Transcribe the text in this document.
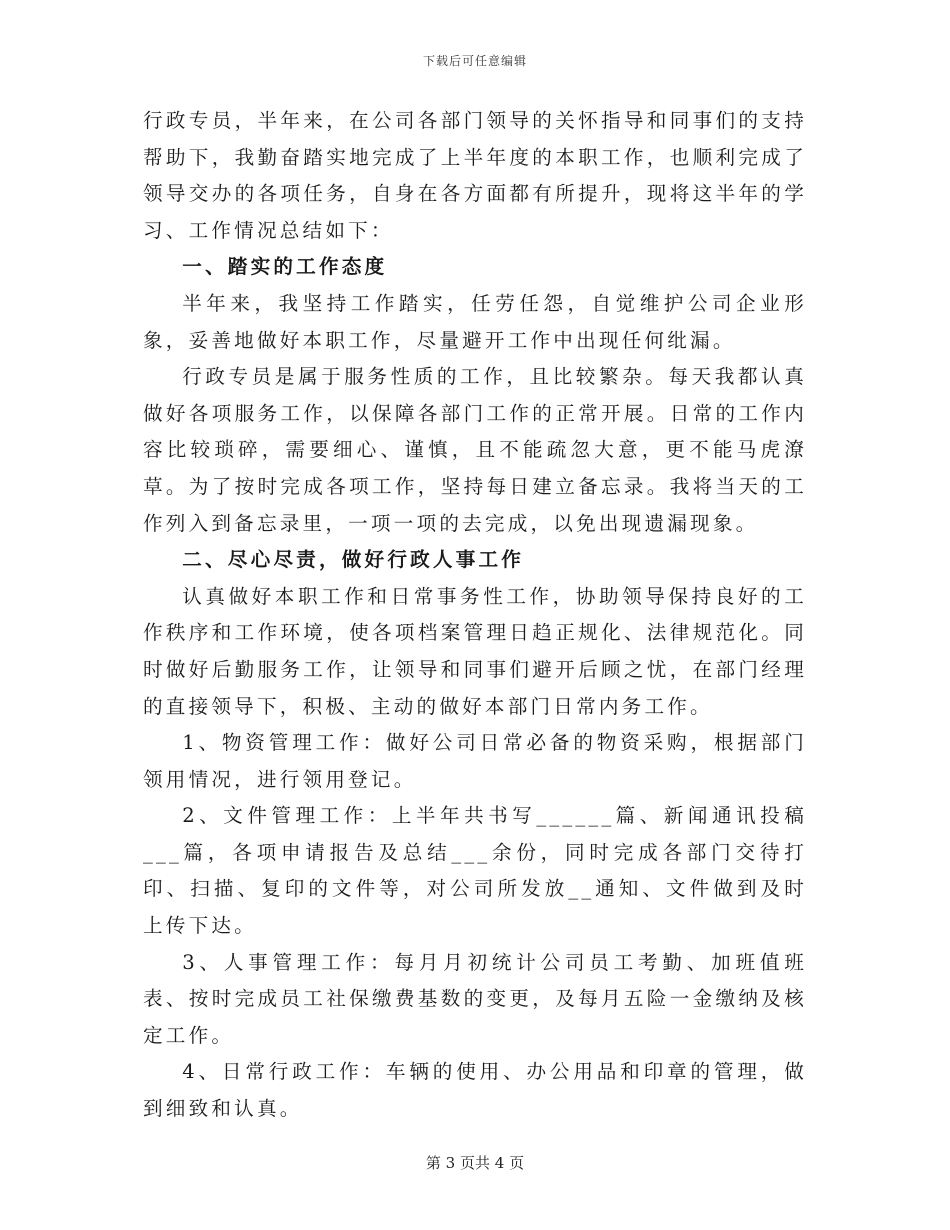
下载后可任意编辑

行政专员，半年来，在公司各部门领导的关怀指导和同事们的支持帮助下，我勤奋踏实地完成了上半年度的本职工作，也顺利完成了领导交办的各项任务，自身在各方面都有所提升，现将这半年的学习、工作情况总结如下：

一、踏实的工作态度

半年来，我坚持工作踏实，任劳任怨，自觉维护公司企业形象，妥善地做好本职工作，尽量避开工作中出现任何纰漏。

行政专员是属于服务性质的工作，且比较繁杂。每天我都认真做好各项服务工作，以保障各部门工作的正常开展。日常的工作内容比较琐碎，需要细心、谨慎，且不能疏忽大意，更不能马虎潦草。为了按时完成各项工作，坚持每日建立备忘录。我将当天的工作列入到备忘录里，一项一项的去完成，以免出现遗漏现象。

二、尽心尽责，做好行政人事工作

认真做好本职工作和日常事务性工作，协助领导保持良好的工作秩序和工作环境，使各项档案管理日趋正规化、法律规范化。同时做好后勤服务工作，让领导和同事们避开后顾之忧，在部门经理的直接领导下，积极、主动的做好本部门日常内务工作。

1、物资管理工作：做好公司日常必备的物资采购，根据部门领用情况，进行领用登记。

2、文件管理工作：上半年共书写______篇、新闻通讯投稿___篇，各项申请报告及总结___余份，同时完成各部门交待打印、扫描、复印的文件等，对公司所发放__通知、文件做到及时上传下达。

3、人事管理工作：每月月初统计公司员工考勤、加班值班表、按时完成员工社保缴费基数的变更，及每月五险一金缴纳及核定工作。

4、日常行政工作：车辆的使用、办公用品和印章的管理，做到细致和认真。

第 3 页共 4 页
